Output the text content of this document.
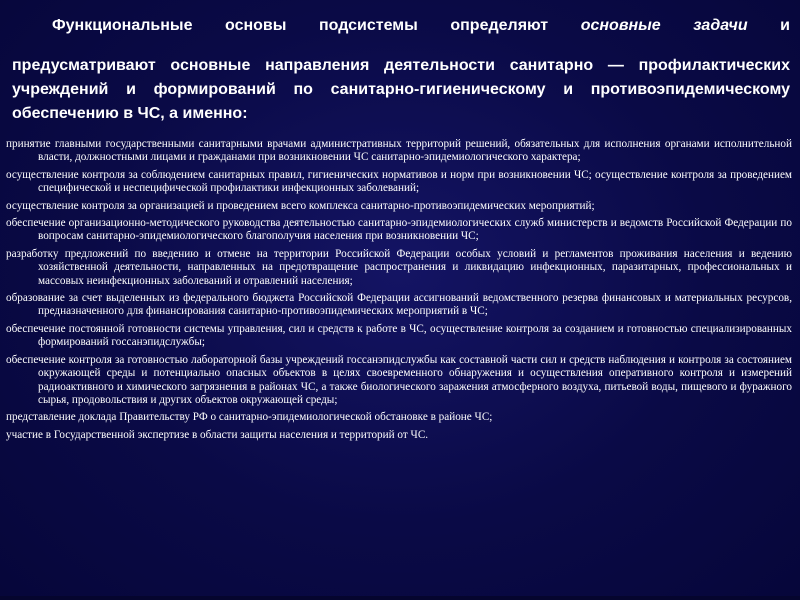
Функциональные основы подсистемы определяют основные задачи и
предусматривают основные направления деятельности санитарно — профилактических учреждений и формирований по санитарно-гигиеническому и противоэпидемическому обеспечению в ЧС, а именно:
принятие главными государственными санитарными врачами административных территорий решений, обязательных для исполнения органами исполнительной власти, должностными лицами и гражданами при возникновении ЧС санитарно-эпидемиологического характера;
осуществление контроля за соблюдением санитарных правил, гигиенических нормативов и норм при возникновении ЧС; осуществление контроля за проведением специфической и неспецифической профилактики инфекционных заболеваний;
осуществление контроля за организацией и проведением всего комплекса санитарно-противоэпидемических мероприятий;
обеспечение организационно-методического руководства деятельностью санитарно-эпидемиологических служб министерств и ведомств Российской Федерации по вопросам санитарно-эпидемиологического благополучия населения при возникновении ЧС;
разработку предложений по введению и отмене на территории Российской Федерации особых условий и регламентов проживания населения и ведению хозяйственной деятельности, направленных на предотвращение распространения и ликвидацию инфекционных, паразитарных, профессиональных и массовых неинфекционных заболеваний и отравлений населения;
образование за счет выделенных из федерального бюджета Российской Федерации ассигнований ведомственного резерва финансовых и материальных ресурсов, предназначенного для финансирования санитарно-противоэпидемических мероприятий в ЧС;
обеспечение постоянной готовности системы управления, сил и средств к работе в ЧС, осуществление контроля за созданием и готовностью специализированных формирований госсанэпидслужбы;
обеспечение контроля за готовностью лабораторной базы учреждений госсанэпидслужбы как составной части сил и средств наблюдения и контроля за состоянием окружающей среды и потенциально опасных объектов в целях своевременного обнаружения и осуществления оперативного контроля и измерений радиоактивного и химического загрязнения в районах ЧС, а также биологического заражения атмосферного воздуха, питьевой воды, пищевого и фуражного сырья, продовольствия и других объектов окружающей среды;
представление доклада Правительству РФ о санитарно-эпидемиологической обстановке в районе ЧС;
участие в Государственной экспертизе в области защиты населения и территорий от ЧС.
